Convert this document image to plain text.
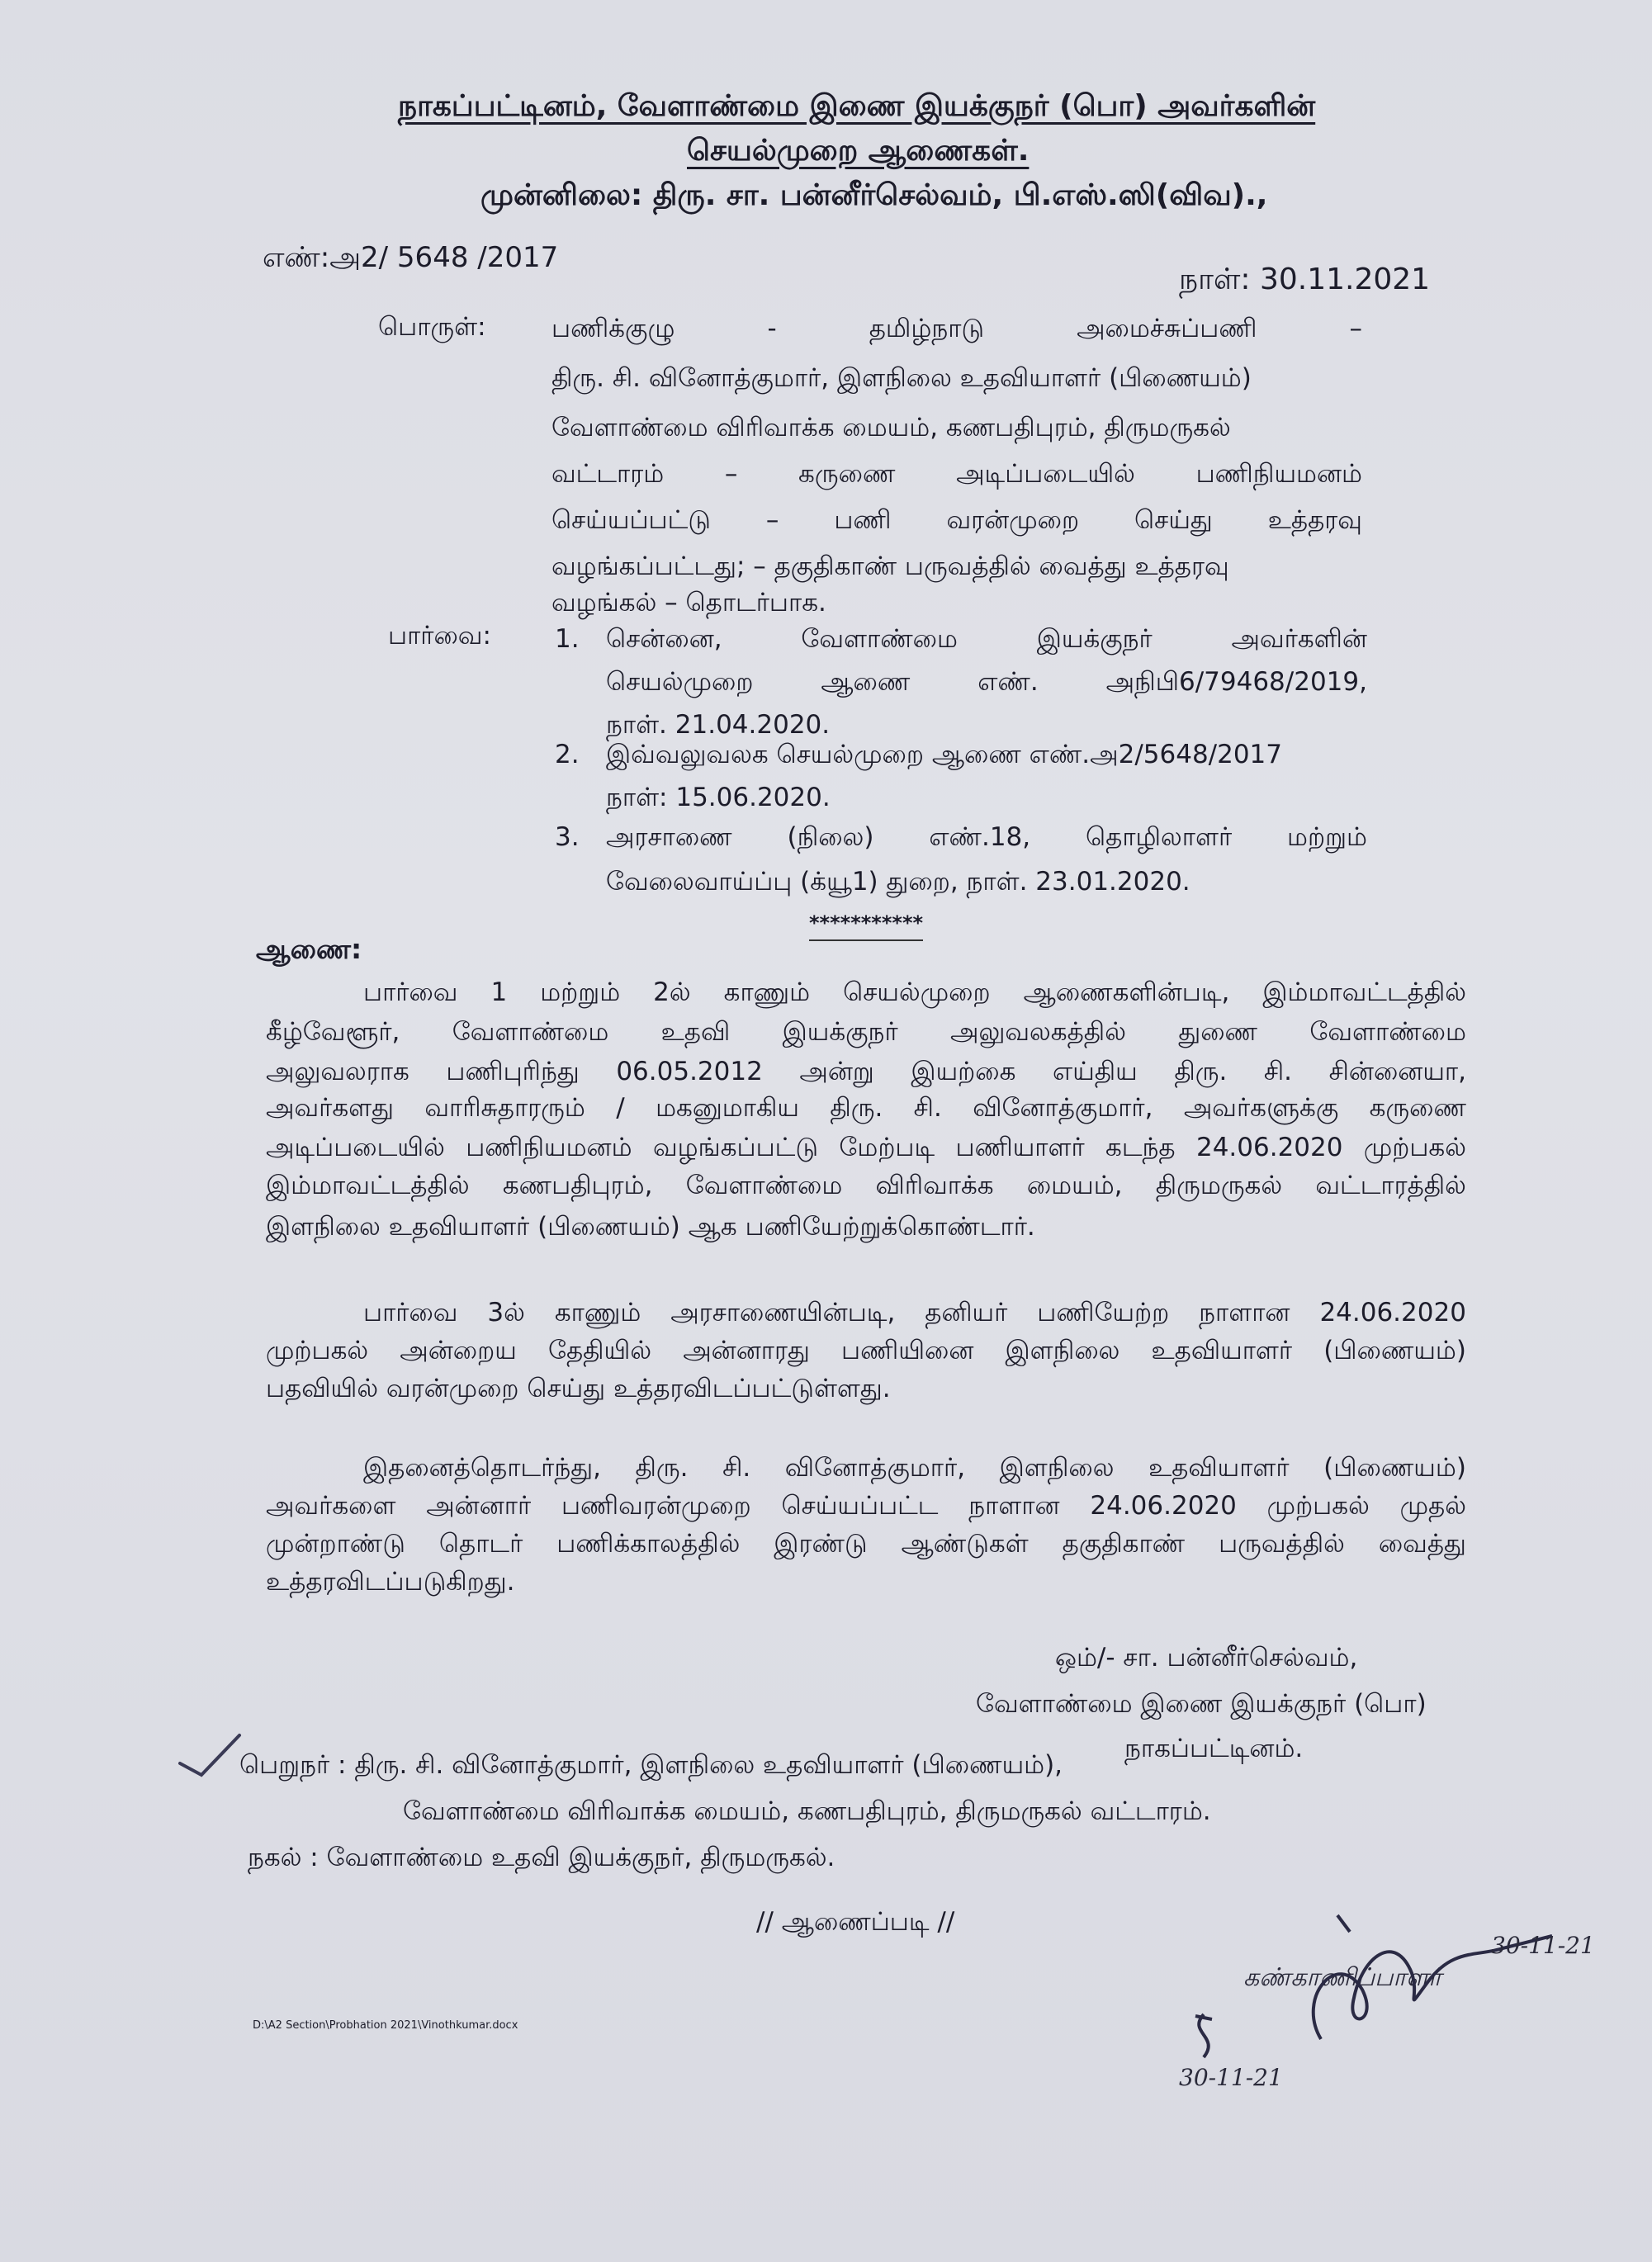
நாகப்பட்டினம், வேளாண்மை இணை இயக்குநர் (பொ) அவர்களின்
செயல்முறை ஆணைகள்.
முன்னிலை: திரு. சா. பன்னீர்செல்வம், பி.எஸ்.ஸி(விவ).,
எண்:அ2/ 5648 /2017
நாள்: 30.11.2021
பொருள்:	பணிக்குழு	-	தமிழ்நாடு	அமைச்சுப்பணி	–
திரு. சி. வினோத்குமார், இளநிலை உதவியாளர் (பிணையம்)
வேளாண்மை விரிவாக்க மையம், கணபதிபுரம், திருமருகல்
வட்டாரம் – கருணை அடிப்படையில் பணிநியமனம்
செய்யப்பட்டு – பணி வரன்முறை செய்து உத்தரவு
வழங்கப்பட்டது; – தகுதிகாண் பருவத்தில் வைத்து உத்தரவு
வழங்கல் – தொடர்பாக.
பார்வை: 1. சென்னை,	வேளாண்மை	இயக்குநர்	அவர்களின்
செயல்முறை	ஆணை	எண்.	அநிபி6/79468/2019,
நாள். 21.04.2020.
2. இவ்வலுவலக செயல்முறை ஆணை எண்.அ2/5648/2017
நாள்: 15.06.2020.
3. அரசாணை (நிலை) எண்.18, தொழிலாளர் மற்றும்
வேலைவாய்ப்பு (க்யூ1) துறை, நாள். 23.01.2020.
***********
ஆணை:
பார்வை 1 மற்றும் 2ல் காணும் செயல்முறை ஆணைகளின்படி, இம்மாவட்டத்தில்
கீழ்வேளூர், வேளாண்மை உதவி இயக்குநர் அலுவலகத்தில் துணை வேளாண்மை
அலுவலராக பணிபுரிந்து 06.05.2012 அன்று இயற்கை எய்திய திரு. சி. சின்னையா,
அவர்களது வாரிசுதாரரும் / மகனுமாகிய திரு. சி. வினோத்குமார், அவர்களுக்கு கருணை
அடிப்படையில் பணிநியமனம் வழங்கப்பட்டு மேற்படி பணியாளர் கடந்த 24.06.2020 முற்பகல்
இம்மாவட்டத்தில் கணபதிபுரம், வேளாண்மை விரிவாக்க மையம், திருமருகல் வட்டாரத்தில்
இளநிலை உதவியாளர் (பிணையம்) ஆக பணியேற்றுக்கொண்டார்.
பார்வை 3ல் காணும் அரசாணையின்படி, தனியர் பணியேற்ற நாளான 24.06.2020
முற்பகல் அன்றைய தேதியில் அன்னாரது பணியினை இளநிலை உதவியாளர் (பிணையம்)
பதவியில் வரன்முறை செய்து உத்தரவிடப்பட்டுள்ளது.
இதனைத்தொடர்ந்து, திரு. சி. வினோத்குமார், இளநிலை உதவியாளர் (பிணையம்)
அவர்களை அன்னார் பணிவரன்முறை செய்யப்பட்ட நாளான 24.06.2020 முற்பகல் முதல்
முன்றாண்டு தொடர் பணிக்காலத்தில் இரண்டு ஆண்டுகள் தகுதிகாண் பருவத்தில் வைத்து
உத்தரவிடப்படுகிறது.
ஒம்/- சா. பன்னீர்செல்வம்,
வேளாண்மை இணை இயக்குநர் (பொ)
நாகப்பட்டினம்.
பெறுநர் : திரு. சி. வினோத்குமார், இளநிலை உதவியாளர் (பிணையம்),
வேளாண்மை விரிவாக்க மையம், கணபதிபுரம், திருமருகல் வட்டாரம்.
நகல் : வேளாண்மை உதவி இயக்குநர், திருமருகல்.
// ஆணைப்படி //
D:\A2 Section\Probhation 2021\Vinothkumar.docx
கண்காணிப்பாளர்
30-11-21
30-11-21
